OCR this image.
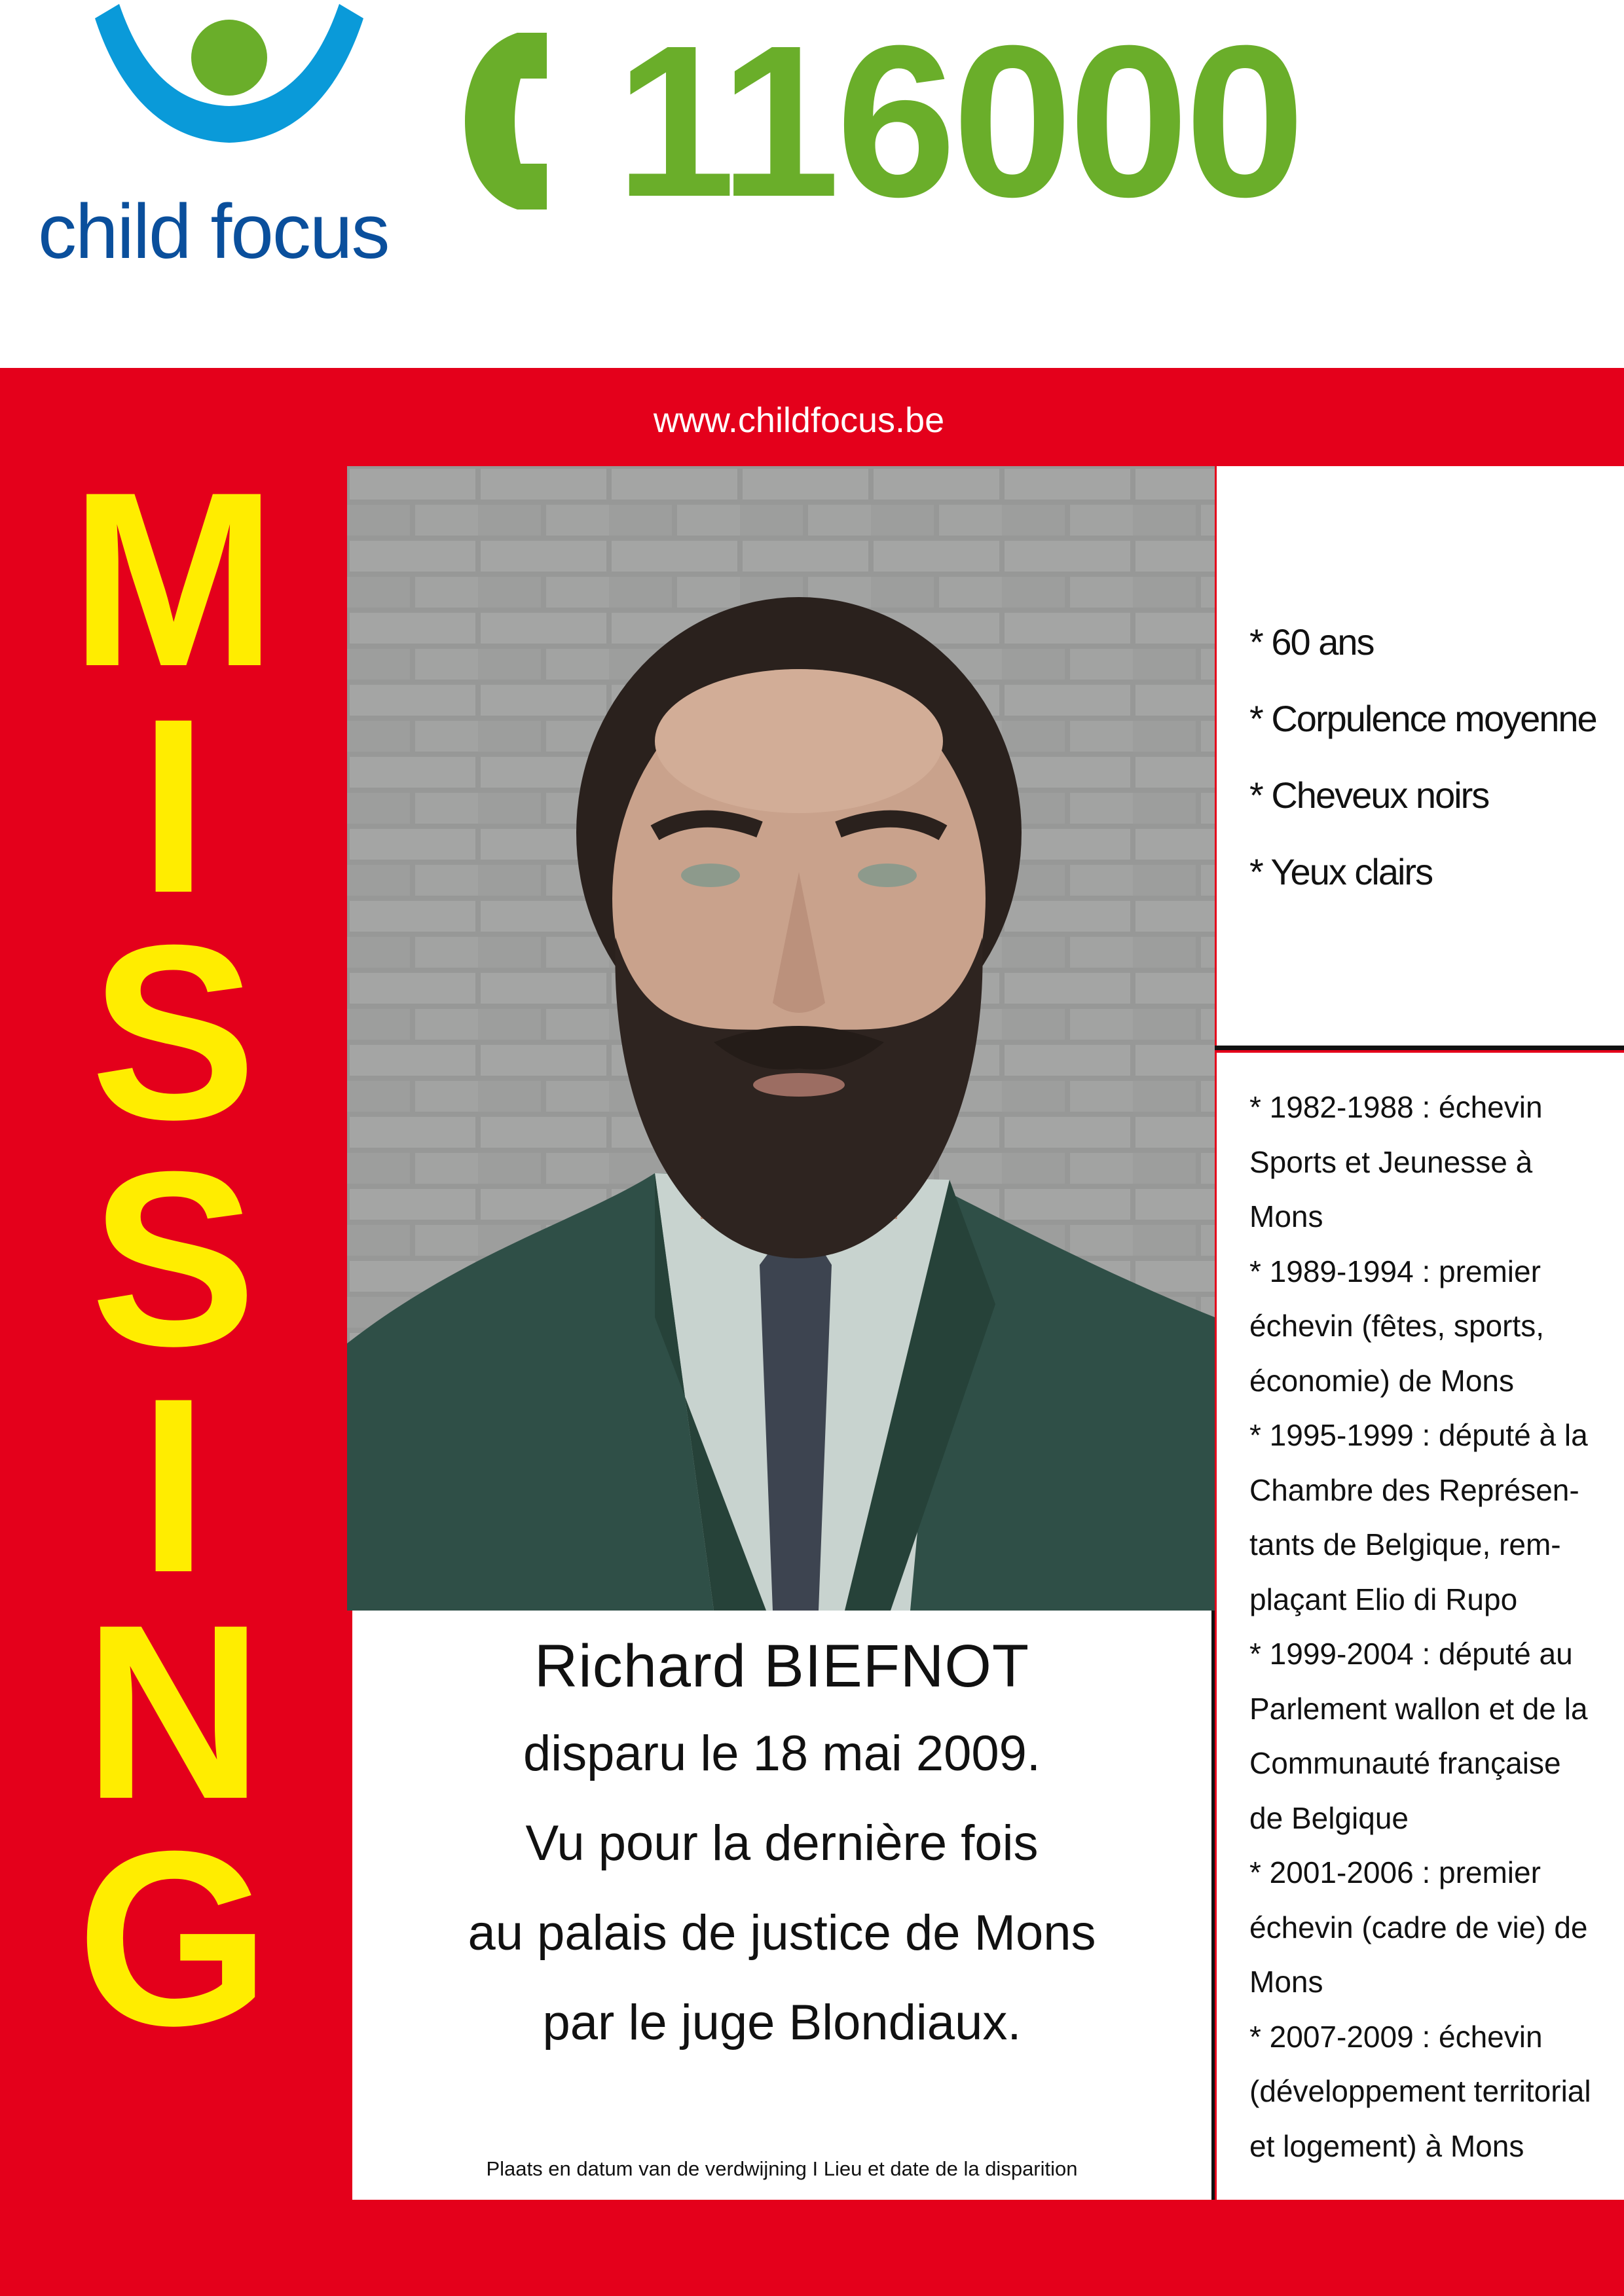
child focus 116000
www.childfocus.be
M
I
S
S
I
N
G
Richard BIEFNOT
disparu le 18 mai 2009.
Vu pour la dernière fois
au palais de justice de Mons
par le juge Blondiaux.
Plaats en datum van de verdwijning I Lieu et date de la disparition
* 60 ans
* Corpulence moyenne
* Cheveux noirs
* Yeux clairs
* 1982-1988 : échevin
Sports et Jeunesse à
Mons
* 1989-1994 : premier
échevin (fêtes, sports,
économie) de Mons
* 1995-1999 : député à la
Chambre des Représen-
tants de Belgique, rem-
plaçant Elio di Rupo
* 1999-2004 : député au
Parlement wallon et de la
Communauté française
de Belgique
* 2001-2006 : premier
échevin (cadre de vie) de
Mons
* 2007-2009 : échevin
(développement territorial
et logement) à Mons
